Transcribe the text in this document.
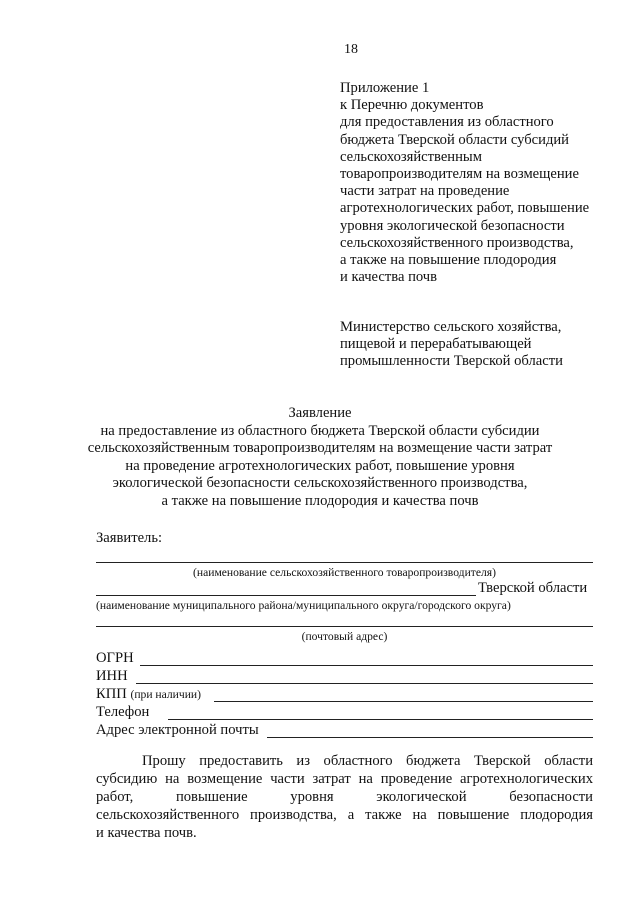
18
Приложение 1
к Перечню документов
для предоставления из областного
бюджета Тверской области субсидий
сельскохозяйственным
товаропроизводителям на возмещение
части затрат на проведение
агротехнологических работ, повышение
уровня экологической безопасности
сельскохозяйственного производства,
а также на повышение плодородия
и качества почв
Министерство сельского хозяйства,
пищевой и перерабатывающей
промышленности Тверской области
Заявление
на предоставление из областного бюджета Тверской области субсидии
сельскохозяйственным товаропроизводителям на возмещение части затрат
на проведение агротехнологических работ, повышение уровня
экологической безопасности сельскохозяйственного производства,
а также на повышение плодородия и качества почв
Заявитель:
(наименование сельскохозяйственного товаропроизводителя)
Тверской области
(наименование муниципального района/муниципального округа/городского округа)
(почтовый адрес)
ОГРН
ИНН
КПП (при наличии)
Телефон
Адрес электронной почты
Прошу предоставить из областного бюджета Тверской области
субсидию на возмещение части затрат на проведение агротехнологических
работ, повышение уровня экологической безопасности
сельскохозяйственного производства, а также на повышение плодородия
и качества почв.
